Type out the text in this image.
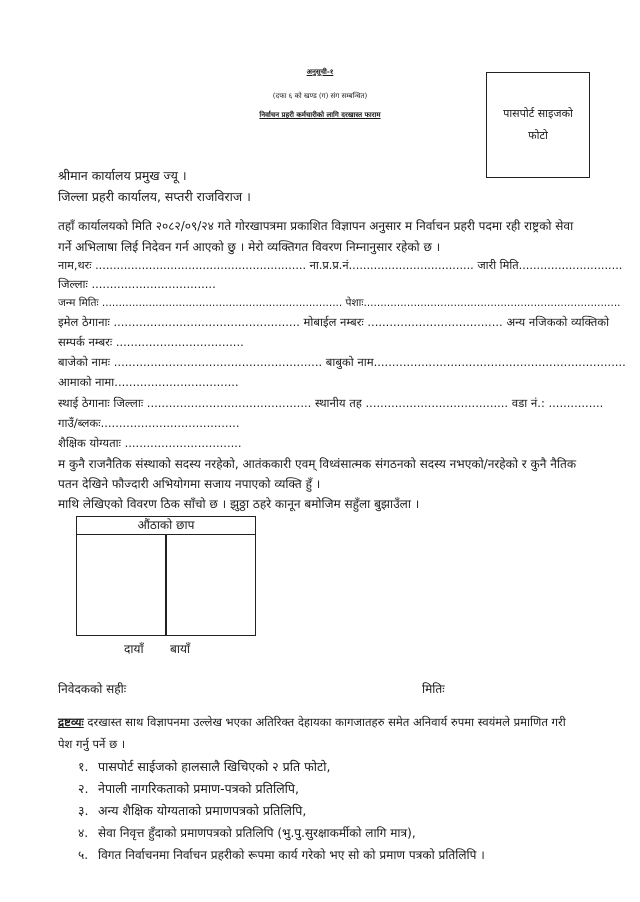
अनुसूची-१
(दफा ६ को खण्ड (ग) संग सम्बन्धित)
निर्वाचन प्रहरी कर्मचारीको लागि दरखास्त फाराम	पासपोर्ट साइजको
फोटो
श्रीमान कार्यालय प्रमुख ज्यू ।
जिल्ला प्रहरी कार्यालय, सप्तरी राजविराज ।
तहाँ कार्यालयको मिति २०८२/०९/२४ गते गोरखापत्रमा प्रकाशित विज्ञापन अनुसार म निर्वाचन प्रहरी पदमा रही राष्ट्रको सेवा
गर्ने अभिलाषा लिई निदेवन गर्न आएको छु । मेरो व्यक्तिगत विवरण निम्नानुसार रहेको छ ।
नाम,थरः ........................................................... ना.प्र.प्र.नं................................... जारी मिति.............................
जिल्लाः ..................................
जन्म मितिः ........................................................................ पेशाः.............................................................................
इमेल ठेगानाः ................................................... मोबाईल नम्बरः ..................................... अन्य नजिकको व्यक्तिको
सम्पर्क नम्बरः ...................................
बाजेको नामः ......................................................... बाबुको नाम.....................................................................
आमाको नामा..................................
स्थाई ठेगानाः जिल्लाः ............................................. स्थानीय तह ....................................... वडा नं.: ...............
गाउँ/ब्लकः......................................
शैक्षिक योग्यताः ................................
म कुनै राजनैतिक संस्थाको सदस्य नरहेको, आतंककारी एवम् विध्वंसात्मक संगठनको सदस्य नभएको/नरहेको र कुनै नैतिक
पतन देखिने फौज्दारी अभियोगमा सजाय नपाएको व्यक्ति हुँ ।
माथि लेखिएको विवरण ठिक साँचो छ । झुठ्ठा ठहरे कानून बमोजिम सहुँला बुझाउँला ।
औंठाको छाप
दायाँ बायाँ
निवेदकको सहीः	मितिः
द्रष्टव्यः दरखास्त साथ विज्ञापनमा उल्लेख भएका अतिरिक्त देहायका कागजातहरु समेत अनिवार्य रुपमा स्वयंमले प्रमाणित गरी
पेश गर्नु पर्ने छ ।
१. पासपोर्ट साईजको हालसालै खिचिएको २ प्रति फोटो,
२. नेपाली नागरिकताको प्रमाण-पत्रको प्रतिलिपि,
३. अन्य शैक्षिक योग्यताको प्रमाणपत्रको प्रतिलिपि,
४. सेवा निवृत्त हुँदाको प्रमाणपत्रको प्रतिलिपि (भु.पु.सुरक्षाकर्मीको लागि मात्र),
५. विगत निर्वाचनमा निर्वाचन प्रहरीको रूपमा कार्य गरेको भए सो को प्रमाण पत्रको प्रतिलिपि ।
